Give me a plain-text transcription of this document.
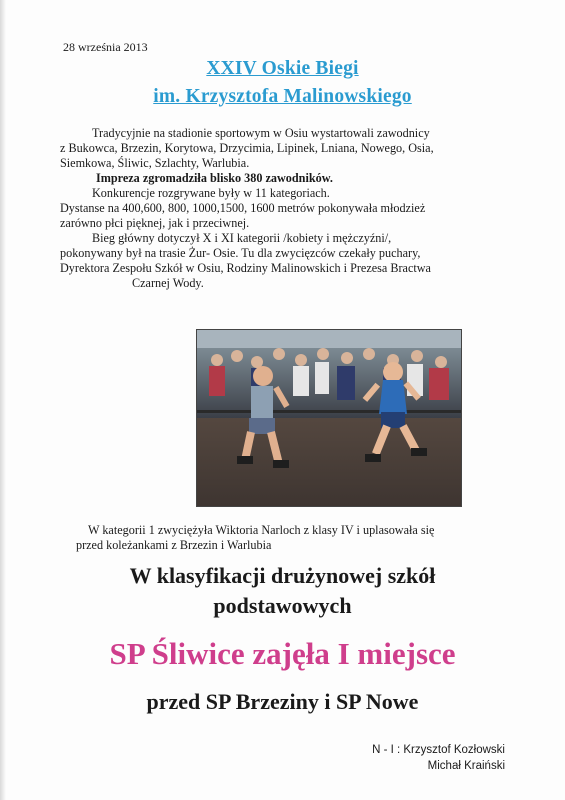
28 września 2013
XXIV Oskie Biegi
im. Krzysztofa Malinowskiego

Tradycyjnie na stadionie sportowym w Osiu wystartowali zawodnicy

z Bukowca, Brzezin, Korytowa, Drzycimia, Lipinek, Lniana, Nowego, Osia,

Siemkowa, Śliwic, Szlachty, Warlubia.

Impreza zgromadziła blisko 380 zawodników.

Konkurencje rozgrywane były w 11 kategoriach.

Dystanse na 400,600, 800, 1000,1500, 1600 metrów pokonywała młodzież

zarówno płci pięknej, jak i przeciwnej.

Bieg główny dotyczył X i XI kategorii /kobiety i mężczyźni/,

pokonywany był na trasie Żur- Osie. Tu dla zwycięzców czekały puchary,

Dyrektora Zespołu Szkół w Osiu, Rodziny Malinowskich i Prezesa Bractwa

Czarnej Wody.

W kategorii 1 zwyciężyła Wiktoria Narloch z klasy IV i uplasowała się

przed koleżankami z Brzezin i Warlubia

W klasyfikacji drużynowej szkół
podstawowych
SP Śliwice zajęła I miejsce
przed SP Brzeziny i SP Nowe
N - I : Krzysztof Kozłowski
Michał Kraiński
